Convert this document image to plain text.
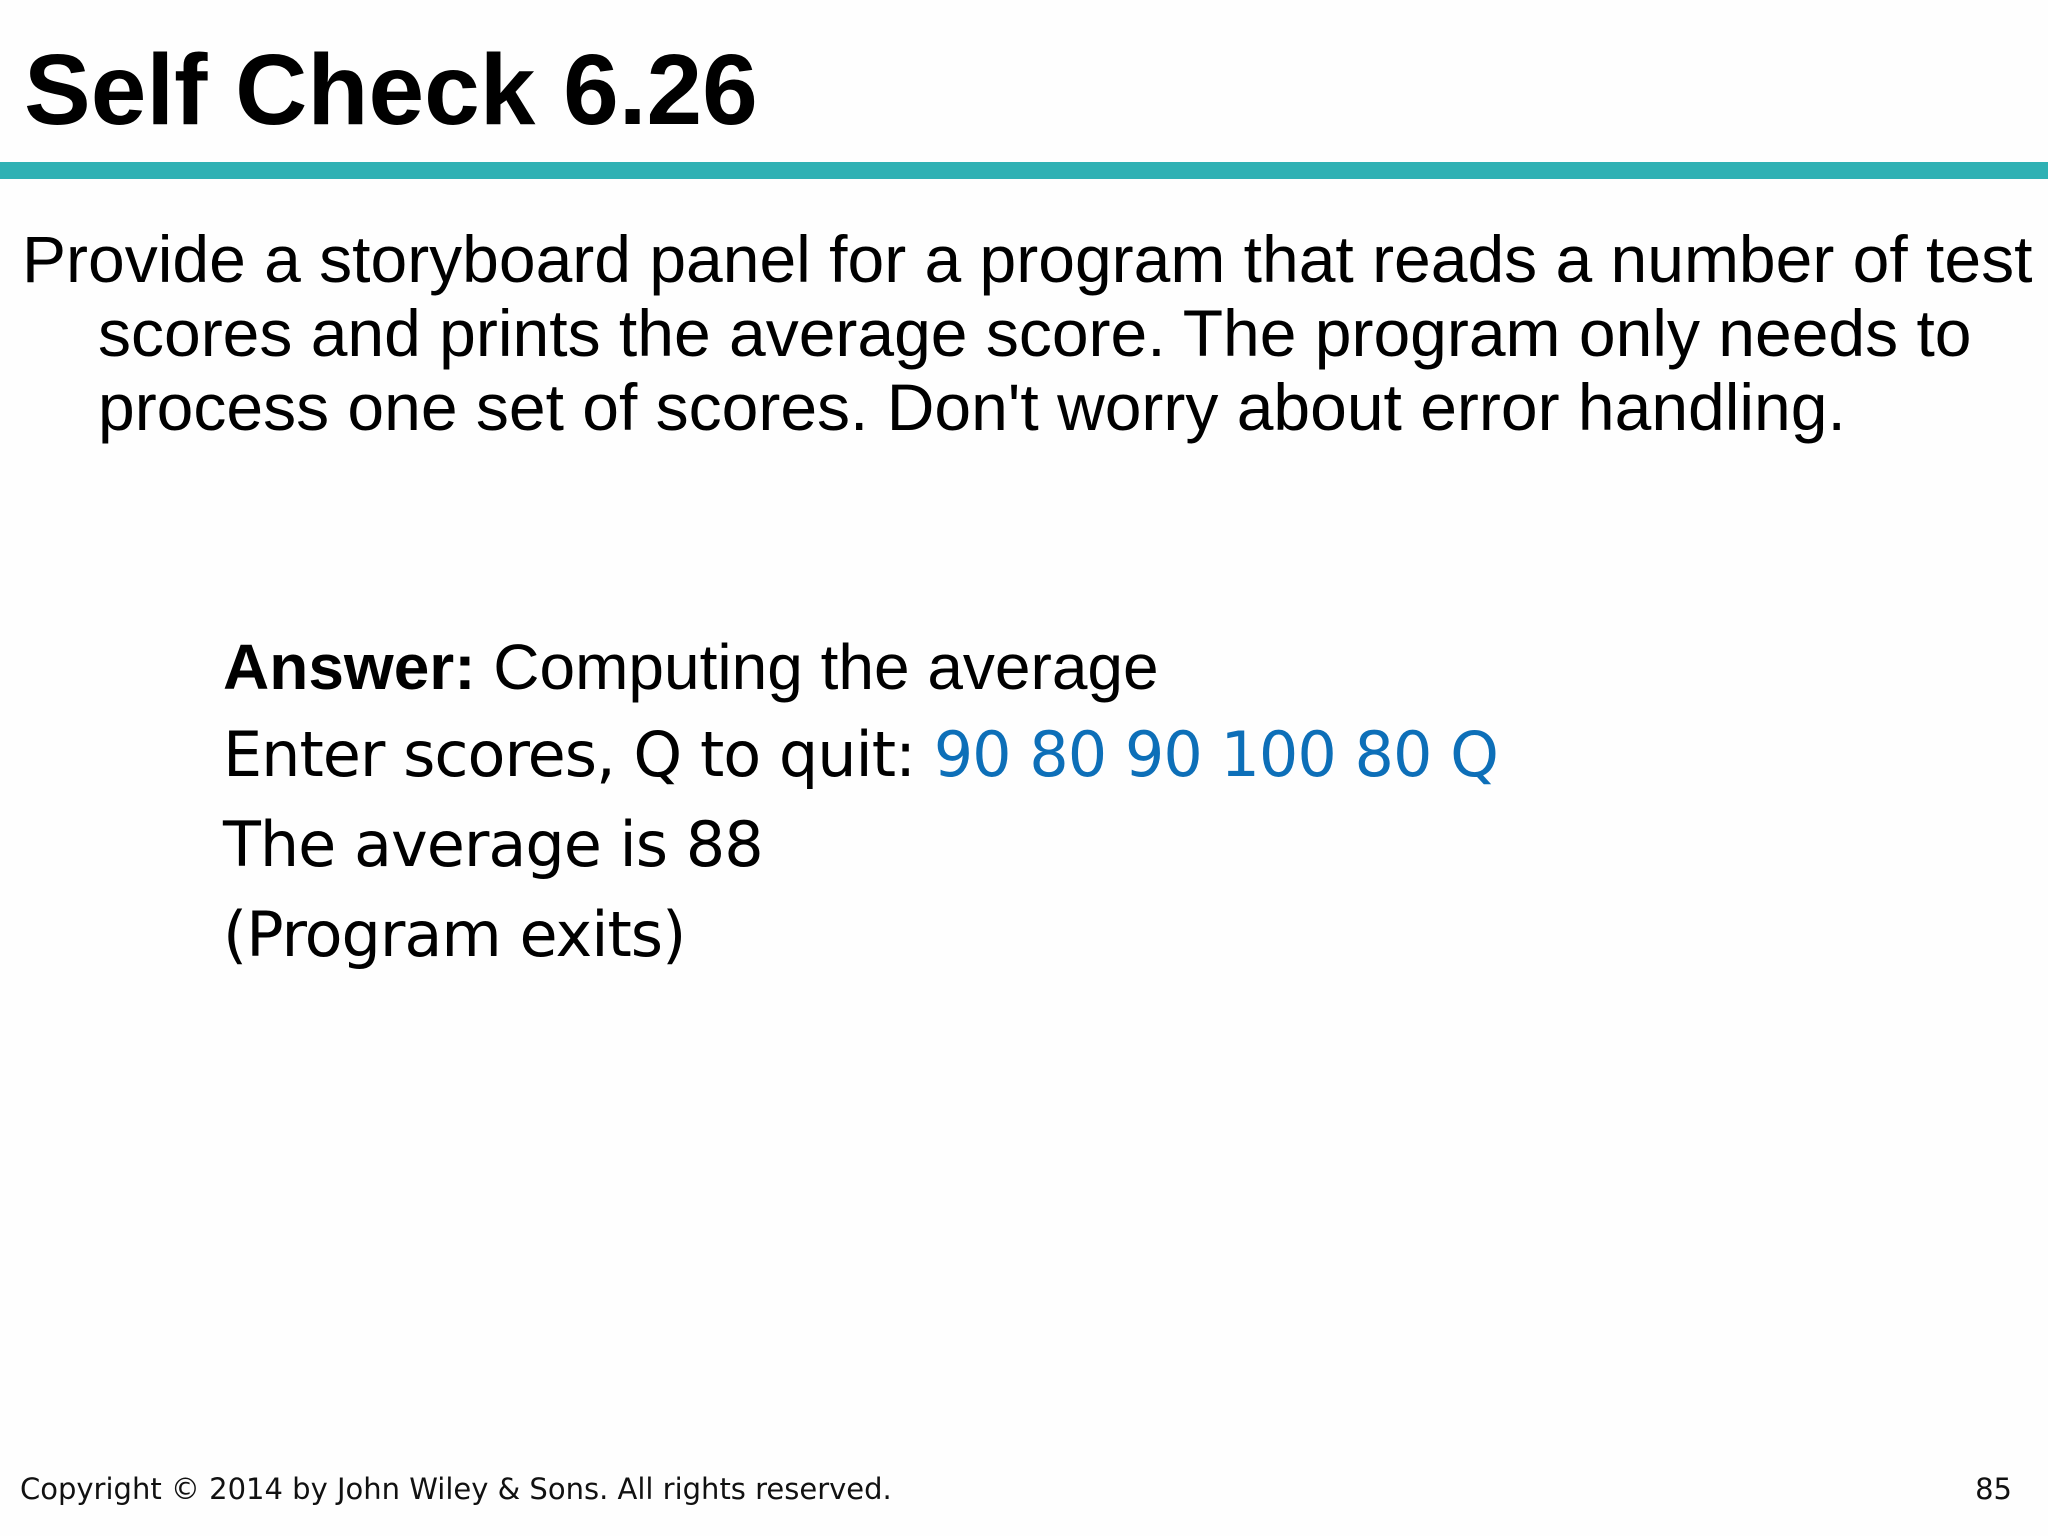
Self Check 6.26

Provide a storyboard panel for a program that reads a number of test scores and prints the average score. The program only needs to process one set of scores. Don't worry about error handling.

Answer: Computing the average
Enter scores, Q to quit: 90 80 90 100 80 Q
The average is 88
(Program exits)
Copyright © 2014 by John Wiley & Sons. All rights reserved.	85
